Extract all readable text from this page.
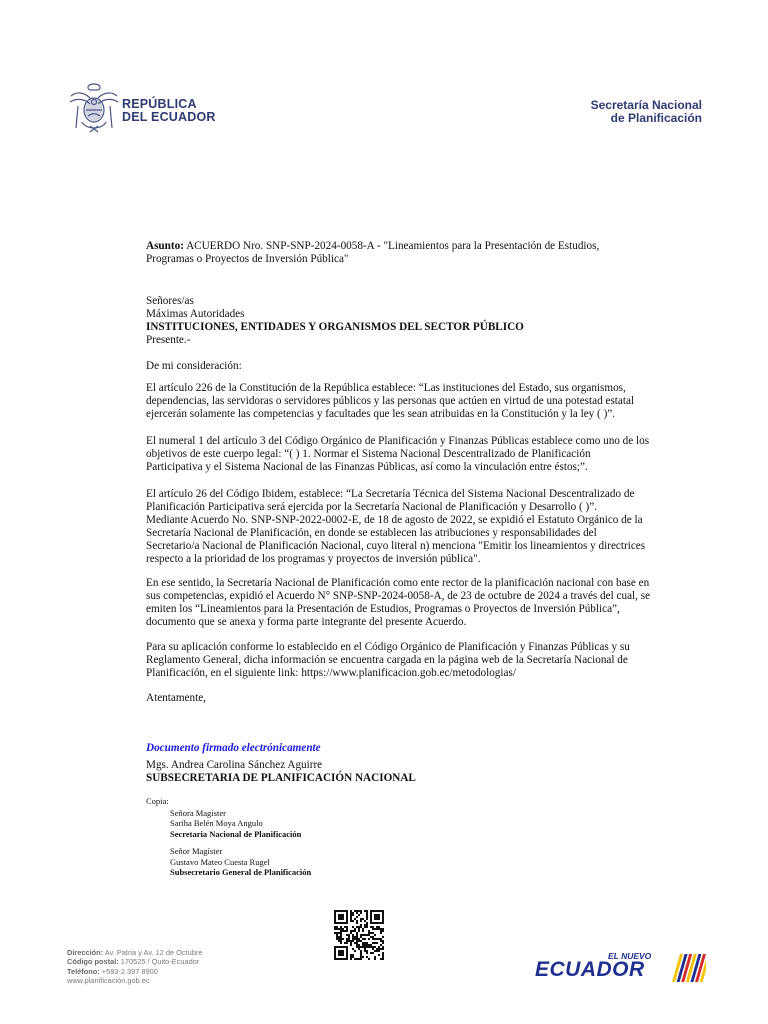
REPÚBLICA
DEL ECUADOR
Secretaría Nacional
de Planificación
Asunto: ACUERDO Nro. SNP-SNP-2024-0058-A - "Lineamientos para la Presentación de Estudios,
Programas o Proyectos de Inversión Pública"
Señores/as
Máximas Autoridades
INSTITUCIONES, ENTIDADES Y ORGANISMOS DEL SECTOR PÚBLICO
Presente.-
De mi consideración:
El artículo 226 de la Constitución de la República establece: “Las instituciones del Estado, sus organismos,
dependencias, las servidoras o servidores públicos y las personas que actúen en virtud de una potestad estatal
ejercerán solamente las competencias y facultades que les sean atribuidas en la Constitución y la ley ( )”.
El numeral 1 del artículo 3 del Código Orgánico de Planificación y Finanzas Públicas establece como uno de los
objetivos de este cuerpo legal: “( ) 1. Normar el Sistema Nacional Descentralizado de Planificación
Participativa y el Sistema Nacional de las Finanzas Públicas, así como la vinculación entre éstos;”.
El artículo 26 del Código Ibidem, establece: “La Secretaría Técnica del Sistema Nacional Descentralizado de
Planificación Participativa será ejercida por la Secretaría Nacional de Planificación y Desarrollo ( )”.
Mediante Acuerdo No. SNP-SNP-2022-0002-E, de 18 de agosto de 2022, se expidió el Estatuto Orgánico de la
Secretaría Nacional de Planificación, en donde se establecen las atribuciones y responsabilidades del
Secretario/a Nacional de Planificación Nacional, cuyo literal n) menciona "Emitir los lineamientos y directrices
respecto a la prioridad de los programas y proyectos de inversión pública".
En ese sentido, la Secretaría Nacional de Planificación como ente rector de la planificación nacional con base en
sus competencias, expidió el Acuerdo N° SNP-SNP-2024-0058-A, de 23 de octubre de 2024 a través del cual, se
emiten los “Lineamientos para la Presentación de Estudios, Programas o Proyectos de Inversión Pública”,
documento que se anexa y forma parte integrante del presente Acuerdo.
Para su aplicación conforme lo establecido en el Código Orgánico de Planificación y Finanzas Públicas y su
Reglamento General, dicha información se encuentra cargada en la página web de la Secretaría Nacional de
Planificación, en el siguiente link: https://www.planificacion.gob.ec/metodologias/
Atentamente,
Documento firmado electrónicamente
Mgs. Andrea Carolina Sánchez Aguirre
SUBSECRETARIA DE PLANIFICACIÓN NACIONAL
Copia:
Señora Magíster
Sariha Belén Moya Angulo
Secretaria Nacional de Planificación
Señor Magíster
Gustavo Mateo Cuesta Rugel
Subsecretario General de Planificación
Dirección: Av. Patria y Av. 12 de Octubre
Código postal: 170525 / Quito-Ecuador
Teléfono: +593-2 397 8900
www.planificación.gob.ec
EL NUEVO
ECUADOR
